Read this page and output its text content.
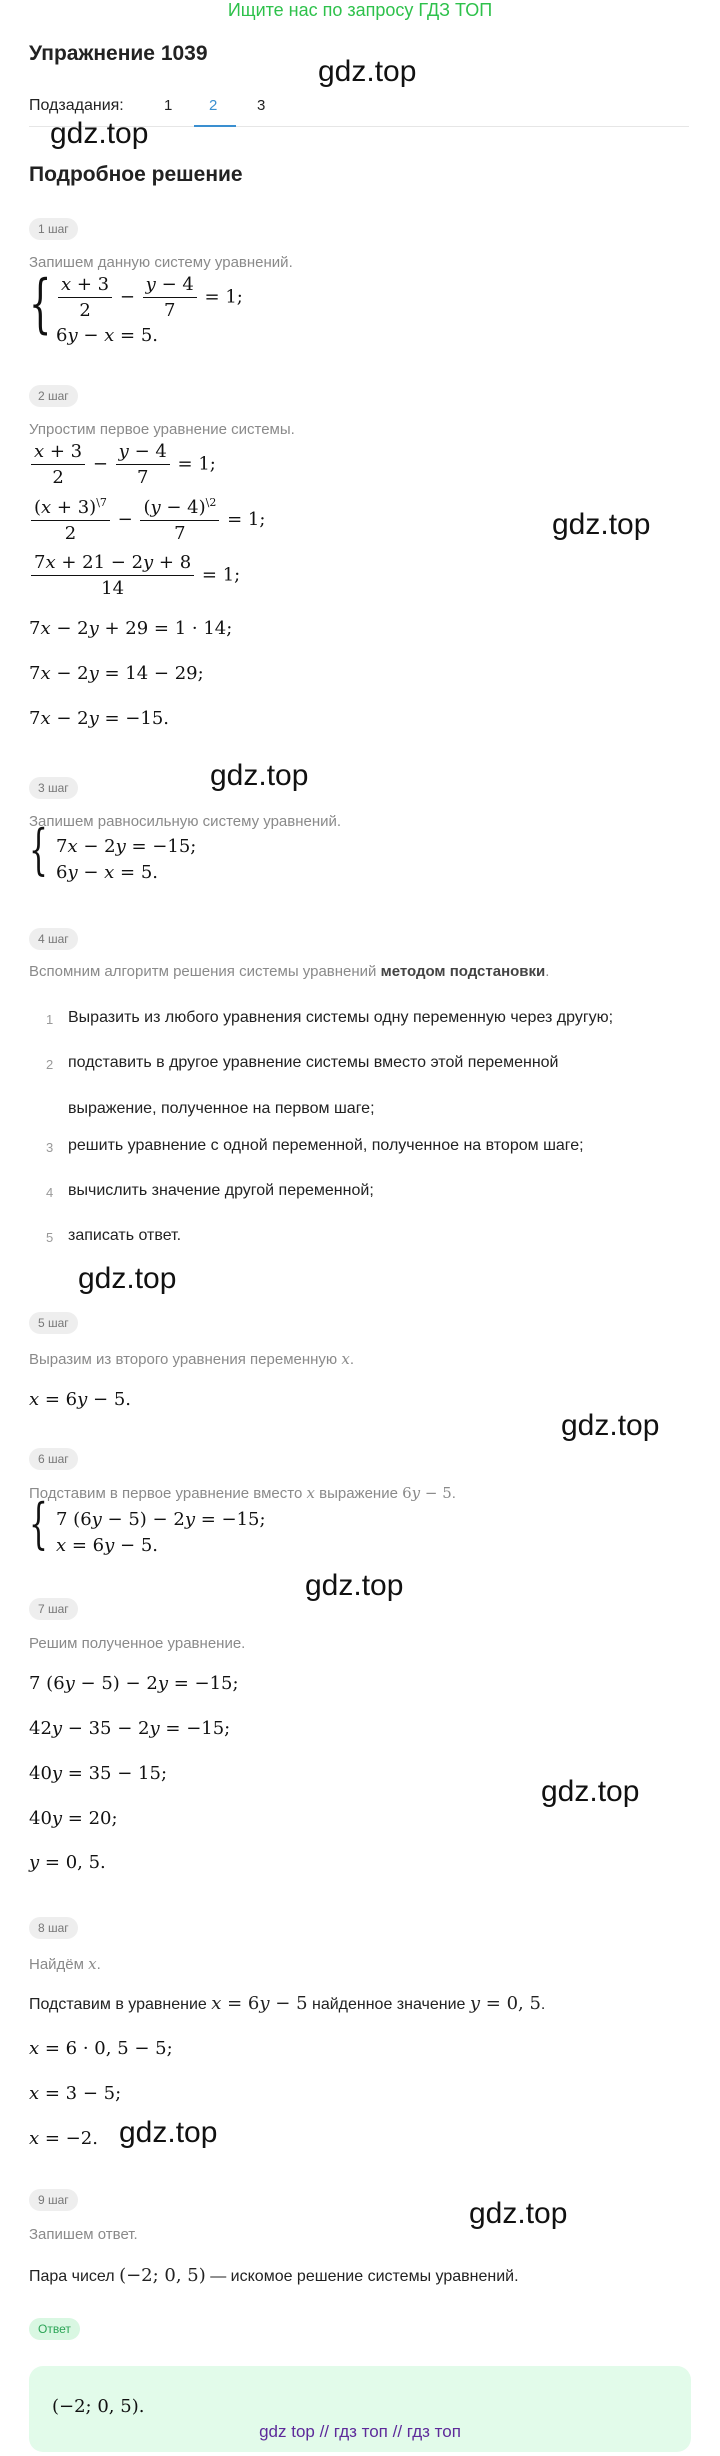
Ищите нас по запросу ГДЗ ТОП
Упражнение 1039
Подзадания:	1 2	3
Подробное решение
gdz.top
gdz.top
gdz.top
gdz.top
gdz.top
gdz.top
gdz.top
gdz.top
gdz.top
gdz.top
1 шаг
Запишем данную систему уравнений.
{ $\frac{x + 3}{2} - \frac{y - 4}{7} = 1$;
6y − x = 5.
2 шаг
Упростим первое уравнение системы.
$\frac{x + 3}{2} - \frac{y - 4}{7} = 1$;
$\frac{(x + 3)^{\backslash 7}}{2} - \frac{(y - 4)^{\backslash 2}}{7} = 1$;
$\frac{7x + 21 - 2y + 8}{14} = 1$;
7x − 2y + 29 = 1 · 14;
7x − 2y = 14 − 29;
7x − 2y = −15.
3 шаг
Запишем равносильную систему уравнений.
{ 7x − 2y = −15;
6y − x = 5.
4 шаг
Вспомним алгоритм решения системы уравнений методом подстановки.
1 Выразить из любого уравнения системы одну переменную через другую;
2 подставить в другое уравнение системы вместо этой переменной
выражение, полученное на первом шаге;
3 решить уравнение с одной переменной, полученное на втором шаге;
4 вычислить значение другой переменной;
5 записать ответ.
5 шаг
Выразим из второго уравнения переменную x.
x = 6y − 5.
6 шаг
Подставим в первое уравнение вместо x выражение 6y − 5.
{ 7 (6y − 5) − 2y = −15;
x = 6y − 5.
7 шаг
Решим полученное уравнение.
7 (6y − 5) − 2y = −15;
42y − 35 − 2y = −15;
40y = 35 − 15;
40y = 20;
y = 0, 5.
8 шаг
Найдём x.
Подставим в уравнение x = 6y − 5 найденное значение y = 0, 5.
x = 6 · 0, 5 − 5;
x = 3 − 5;
x = −2.
9 шаг
Запишем ответ.
Пара чисел (−2; 0, 5) — искомое решение системы уравнений.
Ответ
(−2; 0, 5).
gdz top // гдз топ // гдз топ
